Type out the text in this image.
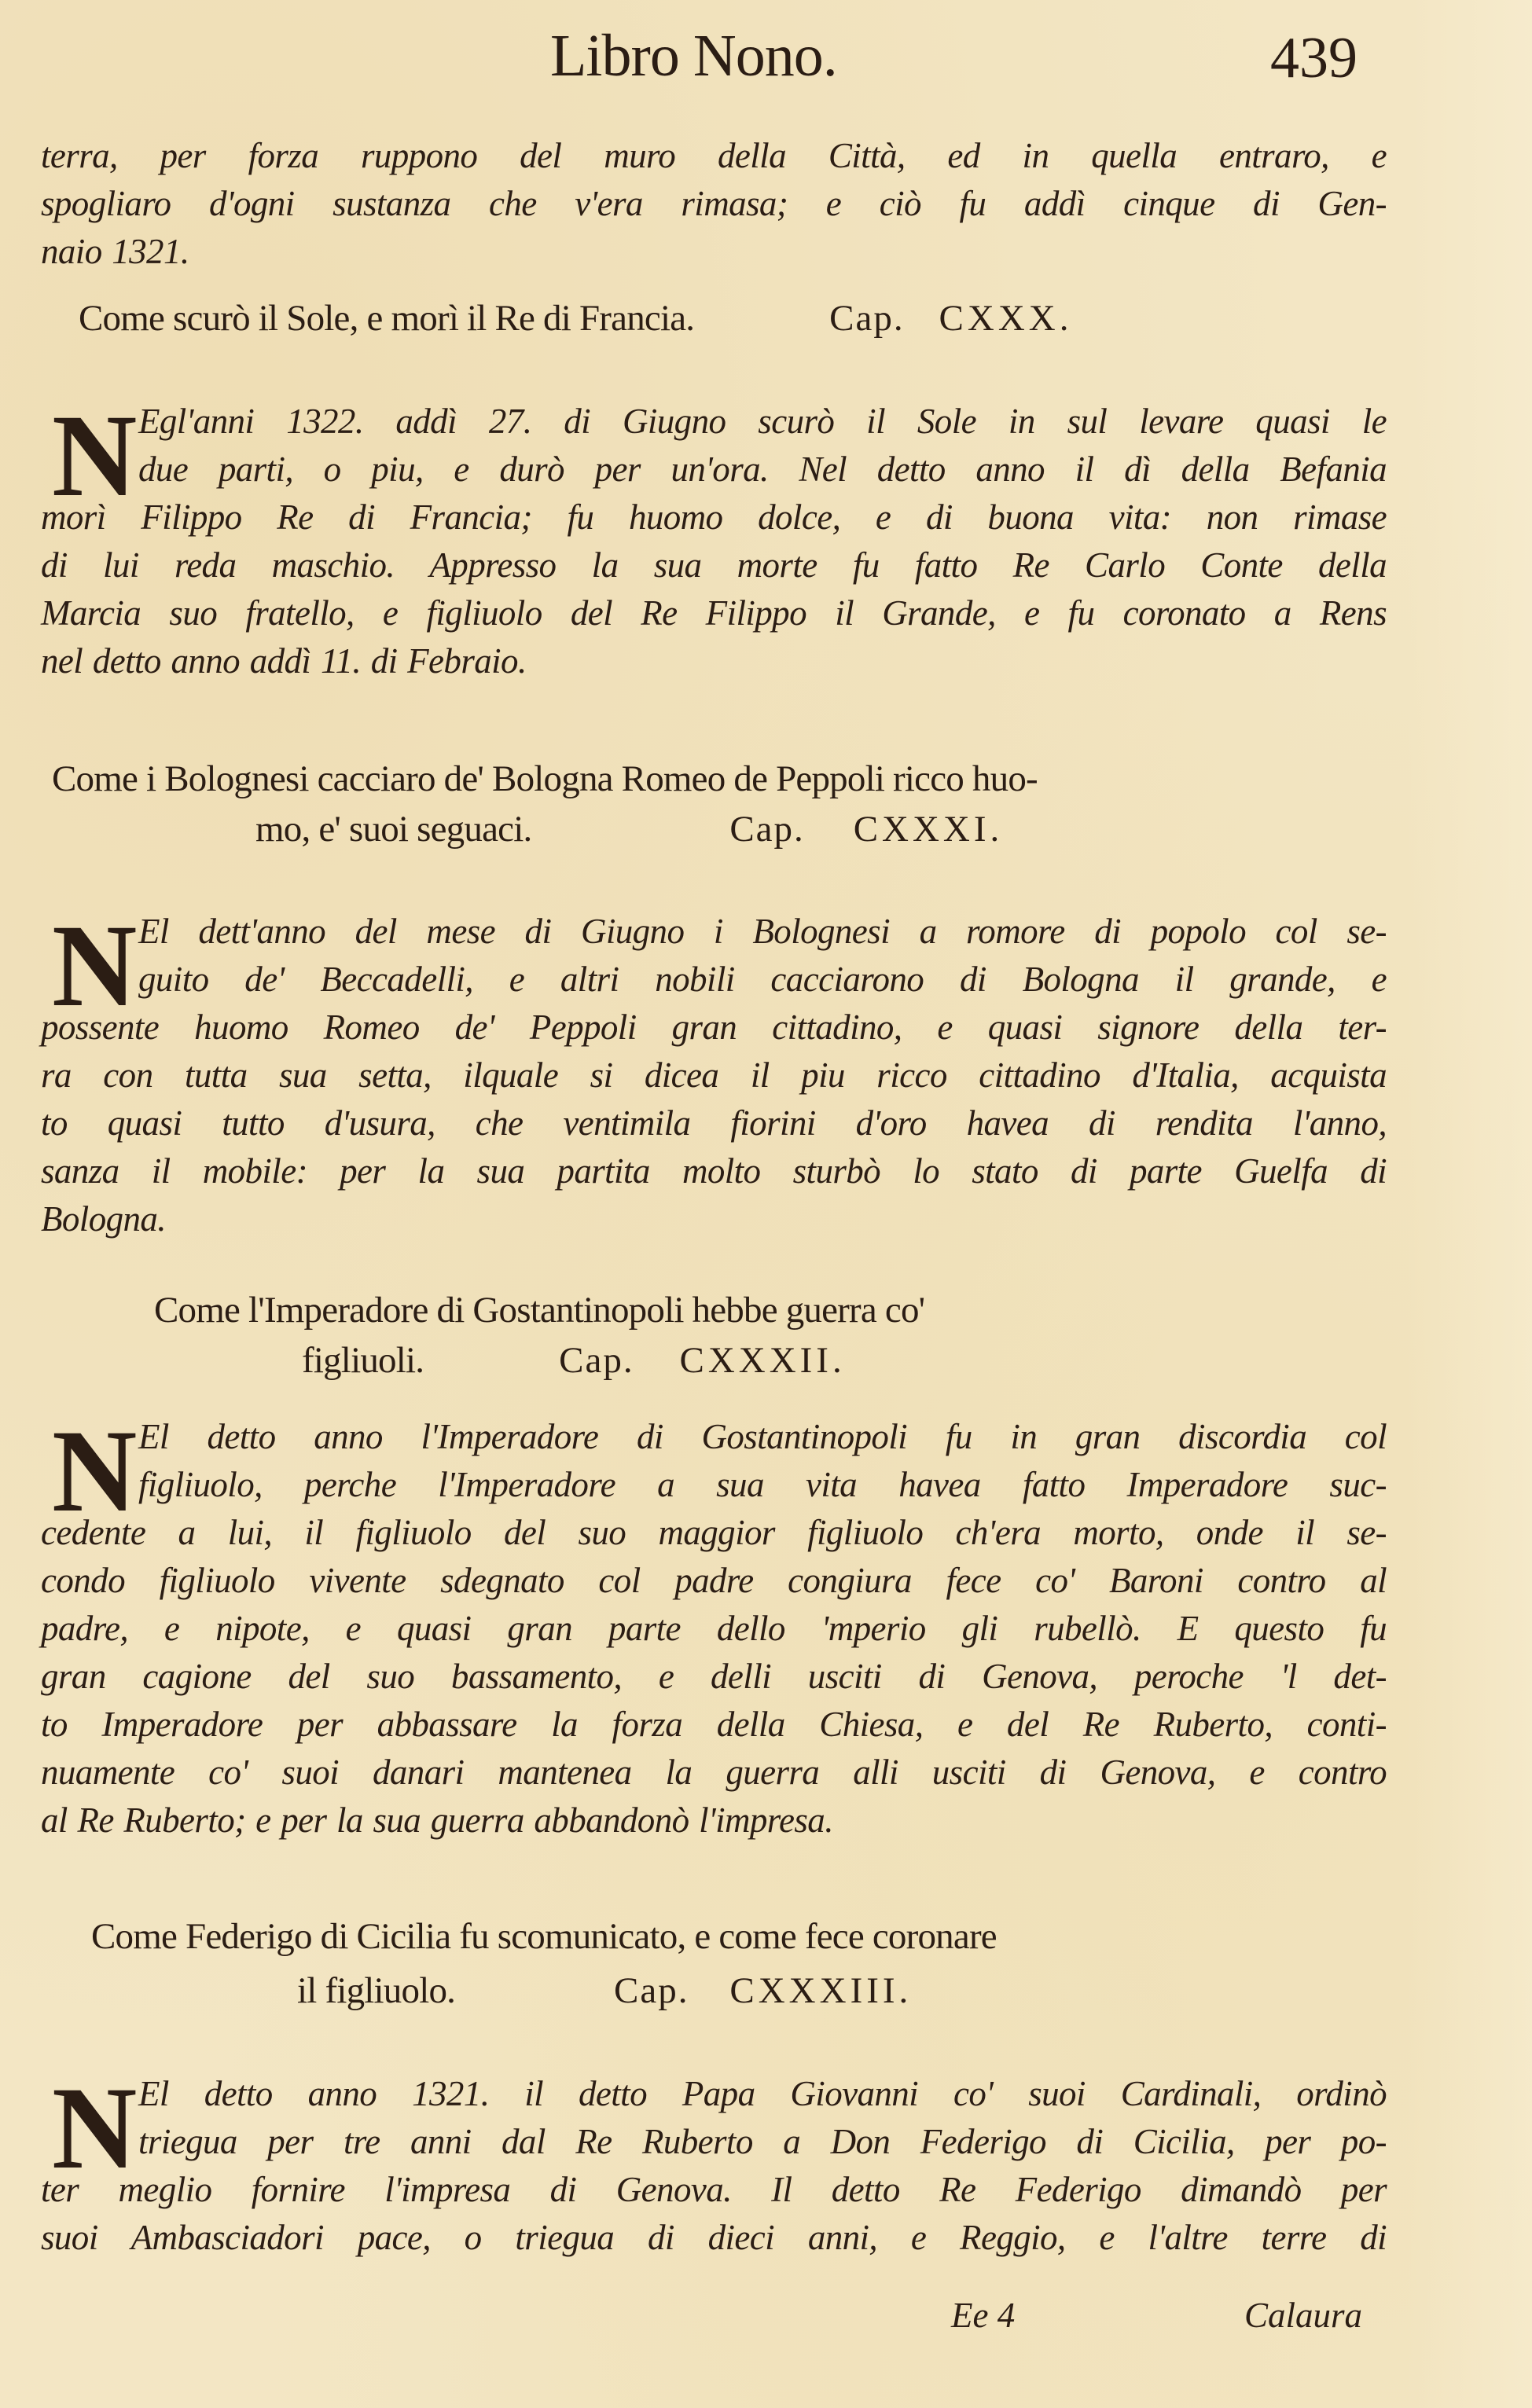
Libro Nono.	439
terra, per forza ruppono del muro della Città, ed in quella entraro, e
spogliaro d'ogni sustanza che v'era rimasa; e ciò fu addì cinque di Gen-
naio 1321.
Come scurò il Sole, e morì il Re di Francia.	Cap. CXXX.
N Egl'anni 1322. addì 27. di Giugno scurò il Sole in sul levare quasi le
due parti, o piu, e durò per un'ora. Nel detto anno il dì della Befania
morì Filippo Re di Francia; fu huomo dolce, e di buona vita: non rimase
di lui reda maschio. Appresso la sua morte fu fatto Re Carlo Conte della
Marcia suo fratello, e figliuolo del Re Filippo il Grande, e fu coronato a Rens
nel detto anno addì 11. di Febraio.
Come i Bolognesi cacciaro de' Bologna Romeo de Peppoli ricco huo-
mo, e' suoi seguaci.	Cap. CXXXI.
N El dett'anno del mese di Giugno i Bolognesi a romore di popolo col se-
guito de' Beccadelli, e altri nobili cacciarono di Bologna il grande, e
possente huomo Romeo de' Peppoli gran cittadino, e quasi signore della ter-
ra con tutta sua setta, ilquale si dicea il piu ricco cittadino d'Italia, acquista
to quasi tutto d'usura, che ventimila fiorini d'oro havea di rendita l'anno,
sanza il mobile: per la sua partita molto sturbò lo stato di parte Guelfa di
Bologna.
Come l'Imperadore di Gostantinopoli hebbe guerra co'
figliuoli.	Cap. CXXXII.
N El detto anno l'Imperadore di Gostantinopoli fu in gran discordia col
figliuolo, perche l'Imperadore a sua vita havea fatto Imperadore suc-
cedente a lui, il figliuolo del suo maggior figliuolo ch'era morto, onde il se-
condo figliuolo vivente sdegnato col padre congiura fece co' Baroni contro al
padre, e nipote, e quasi gran parte dello 'mperio gli rubellò. E questo fu
gran cagione del suo bassamento, e delli usciti di Genova, peroche 'l det-
to Imperadore per abbassare la forza della Chiesa, e del Re Ruberto, conti-
nuamente co' suoi danari mantenea la guerra alli usciti di Genova, e contro
al Re Ruberto; e per la sua guerra abbandonò l'impresa.
Come Federigo di Cicilia fu scomunicato, e come fece coronare
il figliuolo.	Cap. CXXXIII.
N El detto anno 1321. il detto Papa Giovanni co' suoi Cardinali, ordinò
triegua per tre anni dal Re Ruberto a Don Federigo di Cicilia, per po-
ter meglio fornire l'impresa di Genova. Il detto Re Federigo dimandò per
suoi Ambasciadori pace, o triegua di dieci anni, e Reggio, e l'altre terre di
Ee 4	Calaura
